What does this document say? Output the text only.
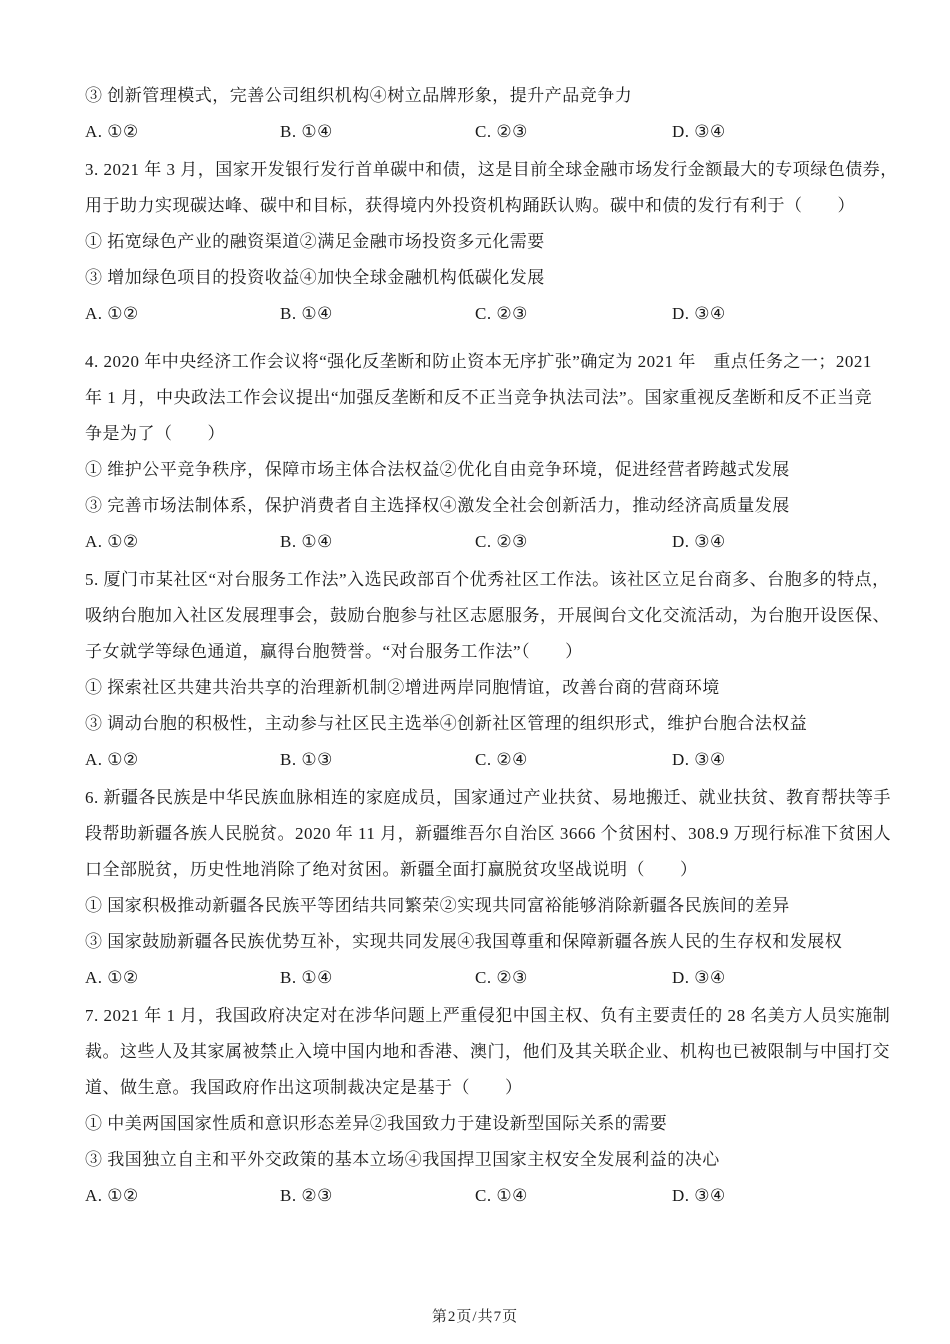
③ 创新管理模式，完善公司组织机构④树立品牌形象，提升产品竞争力
A. ①②	B. ①④	C. ②③	D. ③④
3. 2021 年 3 月，国家开发银行发行首单碳中和债，这是目前全球金融市场发行金额最大的专项绿色债券，
用于助力实现碳达峰、碳中和目标，获得境内外投资机构踊跃认购。碳中和债的发行有利于（　　）
① 拓宽绿色产业的融资渠道②满足金融市场投资多元化需要
③ 增加绿色项目的投资收益④加快全球金融机构低碳化发展
A. ①②	B. ①④	C. ②③	D. ③④
4. 2020 年中央经济工作会议将“强化反垄断和防止资本无序扩张”确定为 2021 年　重点任务之一；2021
年 1 月，中央政法工作会议提出“加强反垄断和反不正当竞争执法司法”。国家重视反垄断和反不正当竞
争是为了（　　）
① 维护公平竞争秩序，保障市场主体合法权益②优化自由竞争环境，促进经营者跨越式发展
③ 完善市场法制体系，保护消费者自主选择权④激发全社会创新活力，推动经济高质量发展
A. ①②	B. ①④	C. ②③	D. ③④
5. 厦门市某社区“对台服务工作法”入选民政部百个优秀社区工作法。该社区立足台商多、台胞多的特点，
吸纳台胞加入社区发展理事会，鼓励台胞参与社区志愿服务，开展闽台文化交流活动，为台胞开设医保、
子女就学等绿色通道，赢得台胞赞誉。“对台服务工作法”（　　）
① 探索社区共建共治共享的治理新机制②增进两岸同胞情谊，改善台商的营商环境
③ 调动台胞的积极性，主动参与社区民主选举④创新社区管理的组织形式，维护台胞合法权益
A. ①②	B. ①③	C. ②④	D. ③④
6. 新疆各民族是中华民族血脉相连的家庭成员，国家通过产业扶贫、易地搬迁、就业扶贫、教育帮扶等手
段帮助新疆各族人民脱贫。2020 年 11 月，新疆维吾尔自治区 3666 个贫困村、308.9 万现行标准下贫困人
口全部脱贫，历史性地消除了绝对贫困。新疆全面打赢脱贫攻坚战说明（　　）
① 国家积极推动新疆各民族平等团结共同繁荣②实现共同富裕能够消除新疆各民族间的差异
③ 国家鼓励新疆各民族优势互补，实现共同发展④我国尊重和保障新疆各族人民的生存权和发展权
A. ①②	B. ①④	C. ②③	D. ③④
7. 2021 年 1 月，我国政府决定对在涉华问题上严重侵犯中国主权、负有主要责任的 28 名美方人员实施制
裁。这些人及其家属被禁止入境中国内地和香港、澳门，他们及其关联企业、机构也已被限制与中国打交
道、做生意。我国政府作出这项制裁决定是基于（　　）
① 中美两国国家性质和意识形态差异②我国致力于建设新型国际关系的需要
③ 我国独立自主和平外交政策的基本立场④我国捍卫国家主权安全发展利益的决心
A. ①②	B. ②③	C. ①④	D. ③④
第2页/共7页
